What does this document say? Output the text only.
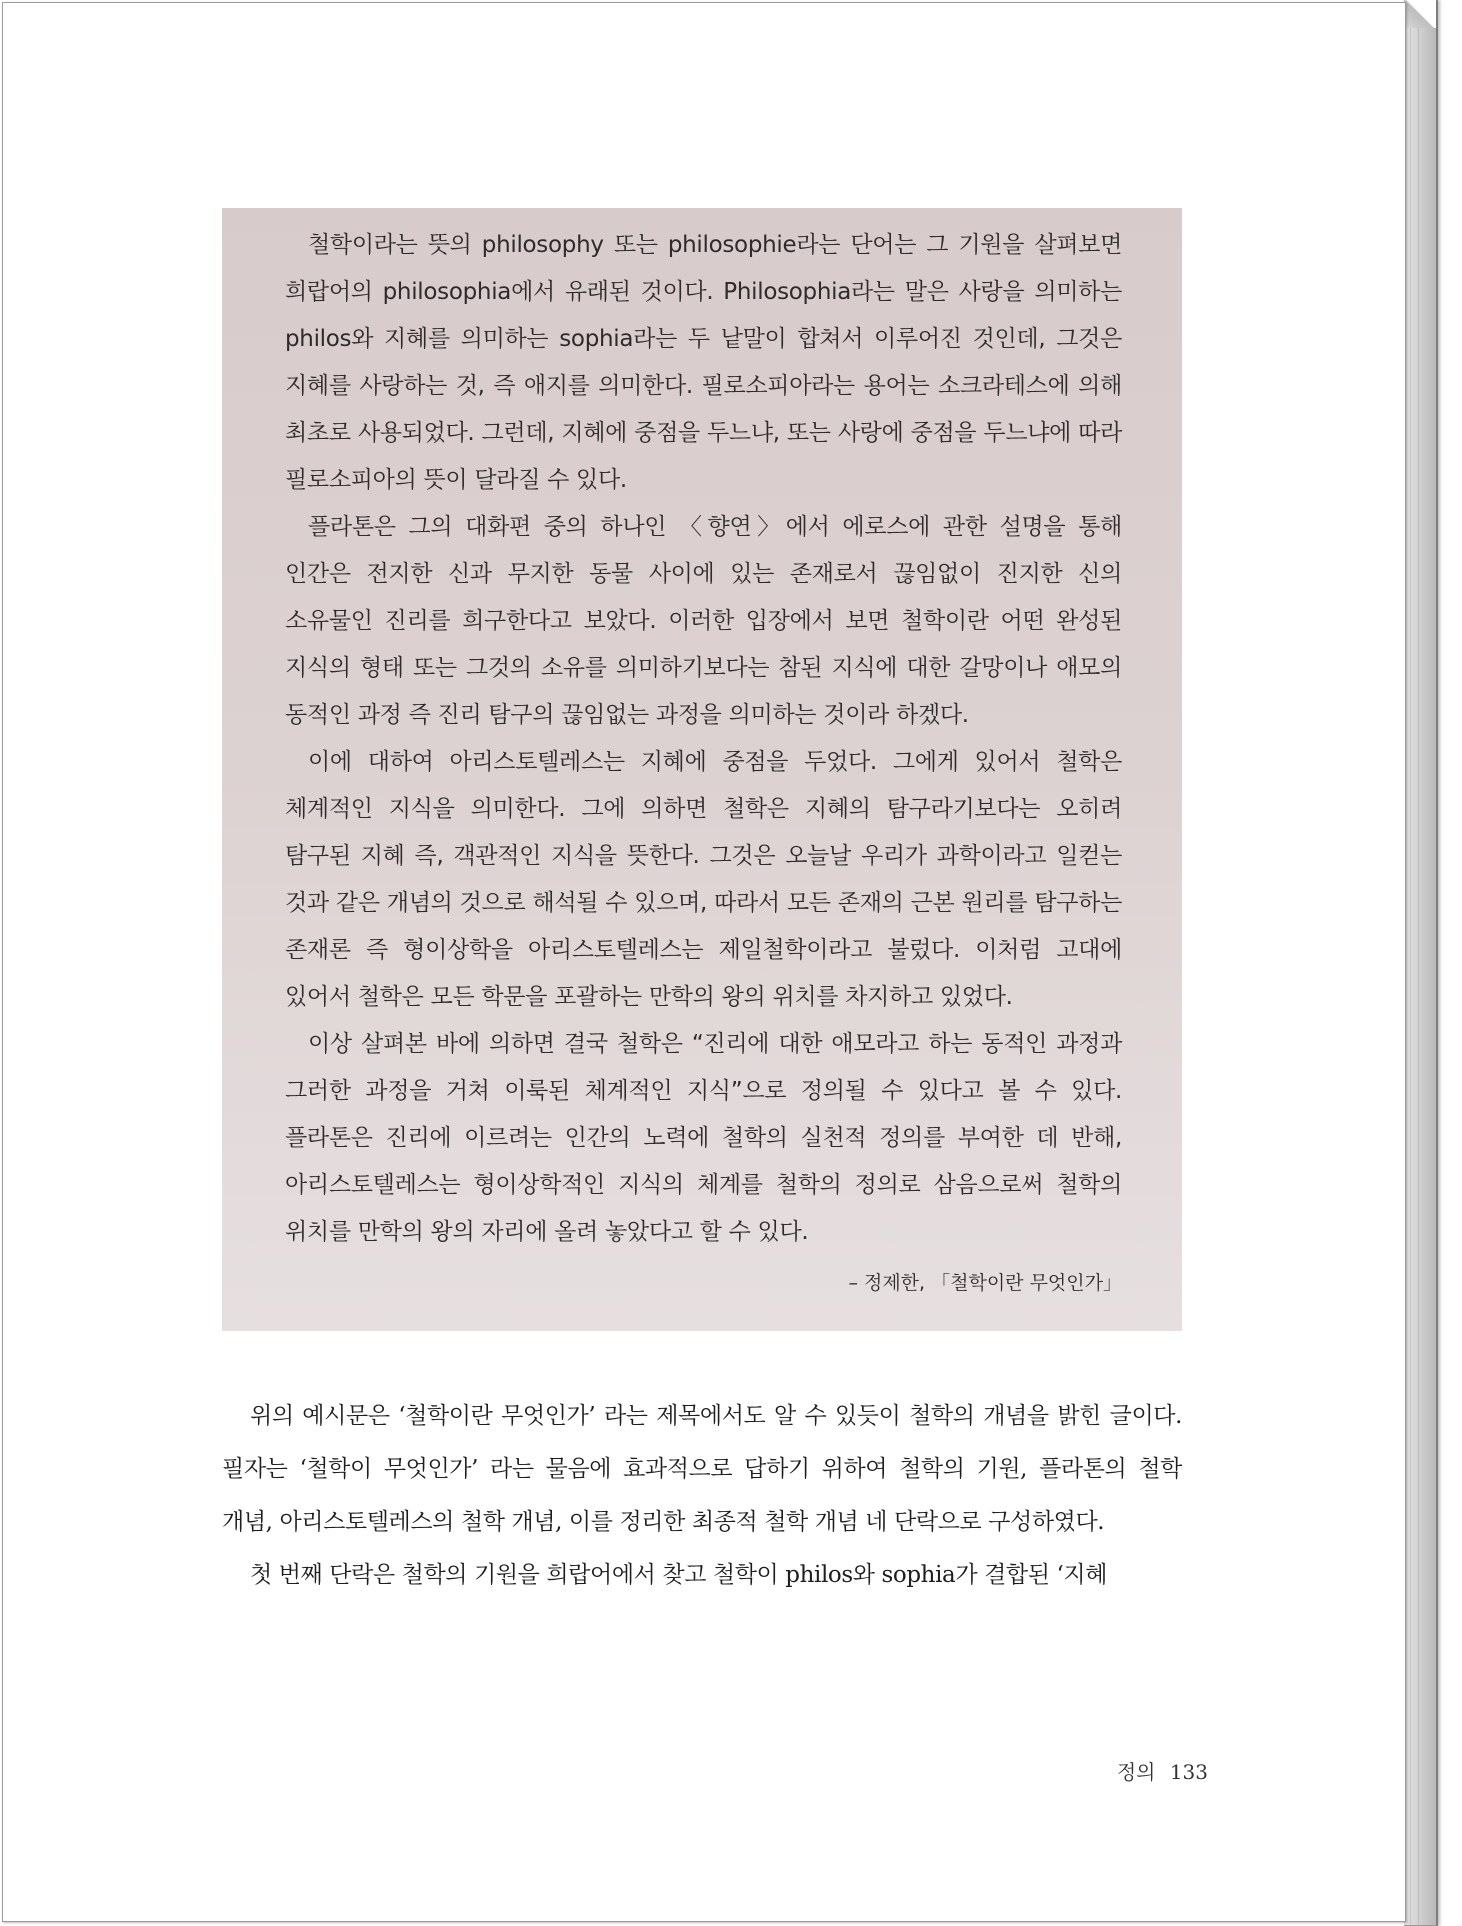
철학이라는 뜻의 philosophy 또는 philosophie라는 단어는 그 기원을 살펴보면 희랍어의 philosophia에서 유래된 것이다. Philosophia라는 말은 사랑을 의미하는 philos와 지혜를 의미하는 sophia라는 두 낱말이 합쳐서 이루어진 것인데, 그것은 지혜를 사랑하는 것, 즉 애지를 의미한다. 필로소피아라는 용어는 소크라테스에 의해 최초로 사용되었다. 그런데, 지혜에 중점을 두느냐, 또는 사랑에 중점을 두느냐에 따라 필로소피아의 뜻이 달라질 수 있다.

플라톤은 그의 대화편 중의 하나인 〈향연〉에서 에로스에 관한 설명을 통해 인간은 전지한 신과 무지한 동물 사이에 있는 존재로서 끊임없이 진지한 신의 소유물인 진리를 희구한다고 보았다. 이러한 입장에서 보면 철학이란 어떤 완성된 지식의 형태 또는 그것의 소유를 의미하기보다는 참된 지식에 대한 갈망이나 애모의 동적인 과정 즉 진리 탐구의 끊임없는 과정을 의미하는 것이라 하겠다.

이에 대하여 아리스토텔레스는 지혜에 중점을 두었다. 그에게 있어서 철학은 체계적인 지식을 의미한다. 그에 의하면 철학은 지혜의 탐구라기보다는 오히려 탐구된 지혜 즉, 객관적인 지식을 뜻한다. 그것은 오늘날 우리가 과학이라고 일컫는 것과 같은 개념의 것으로 해석될 수 있으며, 따라서 모든 존재의 근본 원리를 탐구하는 존재론 즉 형이상학을 아리스토텔레스는 제일철학이라고 불렀다. 이처럼 고대에 있어서 철학은 모든 학문을 포괄하는 만학의 왕의 위치를 차지하고 있었다.

이상 살펴본 바에 의하면 결국 철학은 “진리에 대한 애모라고 하는 동적인 과정과 그러한 과정을 거쳐 이룩된 체계적인 지식”으로 정의될 수 있다고 볼 수 있다. 플라톤은 진리에 이르려는 인간의 노력에 철학의 실천적 정의를 부여한 데 반해, 아리스토텔레스는 형이상학적인 지식의 체계를 철학의 정의로 삼음으로써 철학의 위치를 만학의 왕의 자리에 올려 놓았다고 할 수 있다.

– 정제한, 「철학이란 무엇인가」

위의 예시문은 ‘철학이란 무엇인가’ 라는 제목에서도 알 수 있듯이 철학의 개념을 밝힌 글이다. 필자는 ‘철학이 무엇인가’ 라는 물음에 효과적으로 답하기 위하여 철학의 기원, 플라톤의 철학 개념, 아리스토텔레스의 철학 개념, 이를 정리한 최종적 철학 개념 네 단락으로 구성하였다.

첫 번째 단락은 철학의 기원을 희랍어에서 찾고 철학이 philos와 sophia가 결합된 ‘지혜

정의 133
